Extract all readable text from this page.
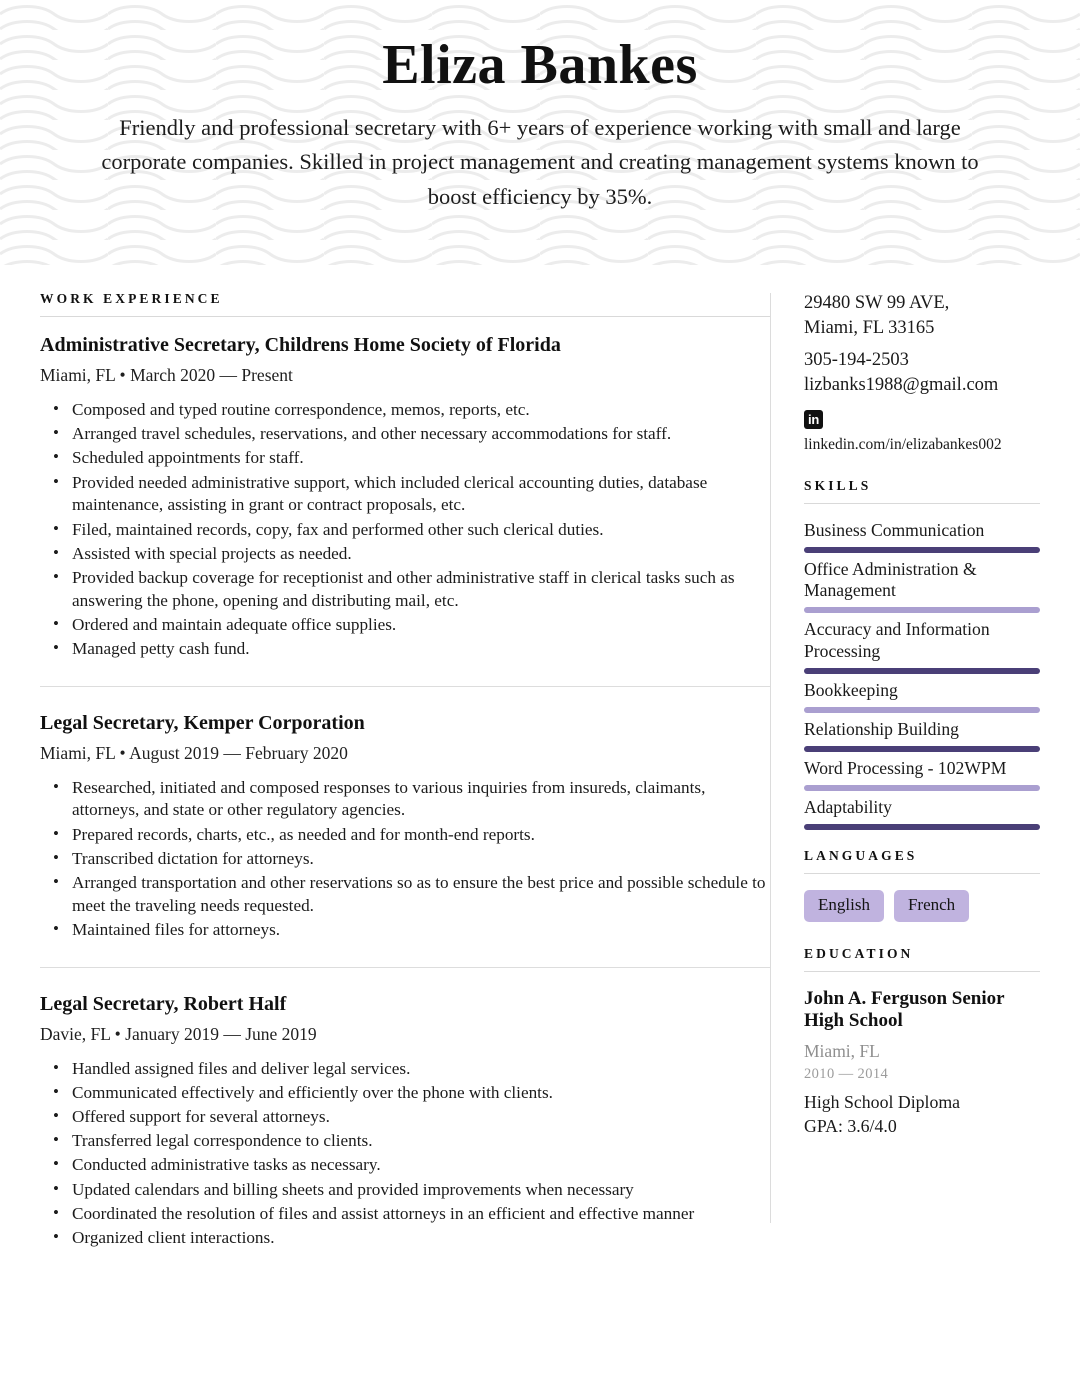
Eliza Bankes

Friendly and professional secretary with 6+ years of experience working with small and large corporate companies. Skilled in project management and creating management systems known to boost efficiency by 35%.

WORK EXPERIENCE
Administrative Secretary, Childrens Home Society of Florida
Miami, FL • March 2020 — Present
• Composed and typed routine correspondence, memos, reports, etc.
• Arranged travel schedules, reservations, and other necessary accommodations for staff.
• Scheduled appointments for staff.
• Provided needed administrative support, which included clerical accounting duties, database maintenance, assisting in grant or contract proposals, etc.
• Filed, maintained records, copy, fax and performed other such clerical duties.
• Assisted with special projects as needed.
• Provided backup coverage for receptionist and other administrative staff in clerical tasks such as answering the phone, opening and distributing mail, etc.
• Ordered and maintain adequate office supplies.
• Managed petty cash fund.
Legal Secretary, Kemper Corporation
Miami, FL • August 2019 — February 2020
• Researched, initiated and composed responses to various inquiries from insureds, claimants, attorneys, and state or other regulatory agencies.
• Prepared records, charts, etc., as needed and for month-end reports.
• Transcribed dictation for attorneys.
• Arranged transportation and other reservations so as to ensure the best price and possible schedule to meet the traveling needs requested.
• Maintained files for attorneys.
Legal Secretary, Robert Half
Davie, FL • January 2019 — June 2019
• Handled assigned files and deliver legal services.
• Communicated effectively and efficiently over the phone with clients.
• Offered support for several attorneys.
• Transferred legal correspondence to clients.
• Conducted administrative tasks as necessary.
• Updated calendars and billing sheets and provided improvements when necessary
• Coordinated the resolution of files and assist attorneys in an efficient and effective manner
• Organized client interactions.
29480 SW 99 AVE,
Miami, FL 33165
305-194-2503
lizbanks1988@gmail.com
in
linkedin.com/in/elizabankes002
SKILLS
Business Communication
Office Administration & Management
Accuracy and Information Processing
Bookkeeping
Relationship Building
Word Processing - 102WPM
Adaptability
LANGUAGES
English	French
EDUCATION
John A. Ferguson Senior High School
Miami, FL
2010 — 2014
High School Diploma
GPA: 3.6/4.0
